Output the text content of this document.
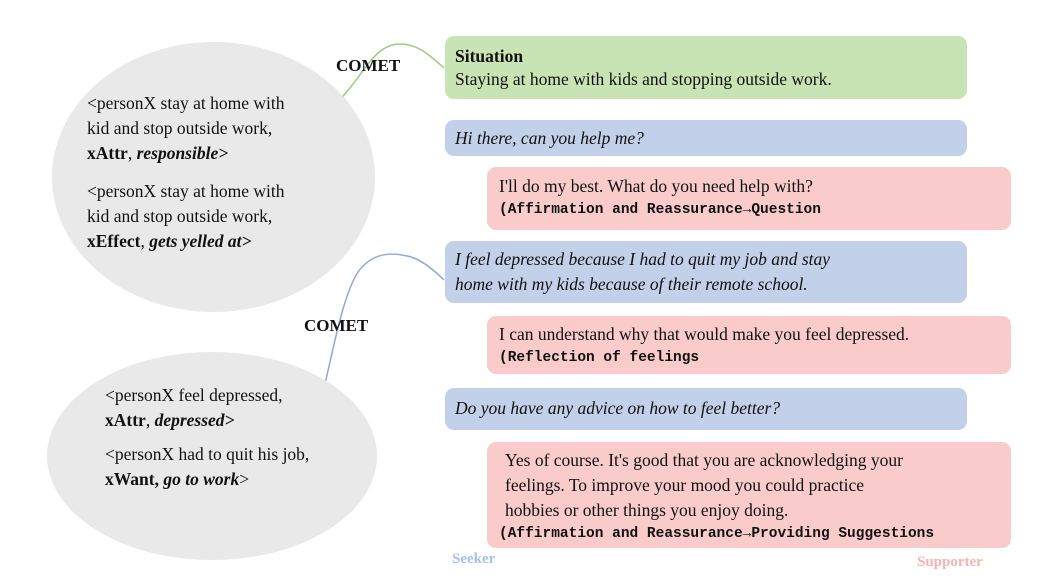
COMET
COMET
<personX stay at home with
kid and stop outside work,
xAttr, responsible>
<personX stay at home with
kid and stop outside work,
xEffect, gets yelled at>
<personX feel depressed,
xAttr, depressed>
<personX had to quit his job,
xWant, go to work>
Situation
Staying at home with kids and stopping outside work.
Hi there, can you help me?
I'll do my best. What do you need help with?
(Affirmation and Reassurance→Question
I feel depressed because I had to quit my job and stay
home with my kids because of their remote school.
I can understand why that would make you feel depressed.
(Reflection of feelings
Do you have any advice on how to feel better?
Yes of course. It's good that you are acknowledging your
feelings. To improve your mood you could practice
hobbies or other things you enjoy doing.
(Affirmation and Reassurance→Providing Suggestions
Seeker	Supporter
